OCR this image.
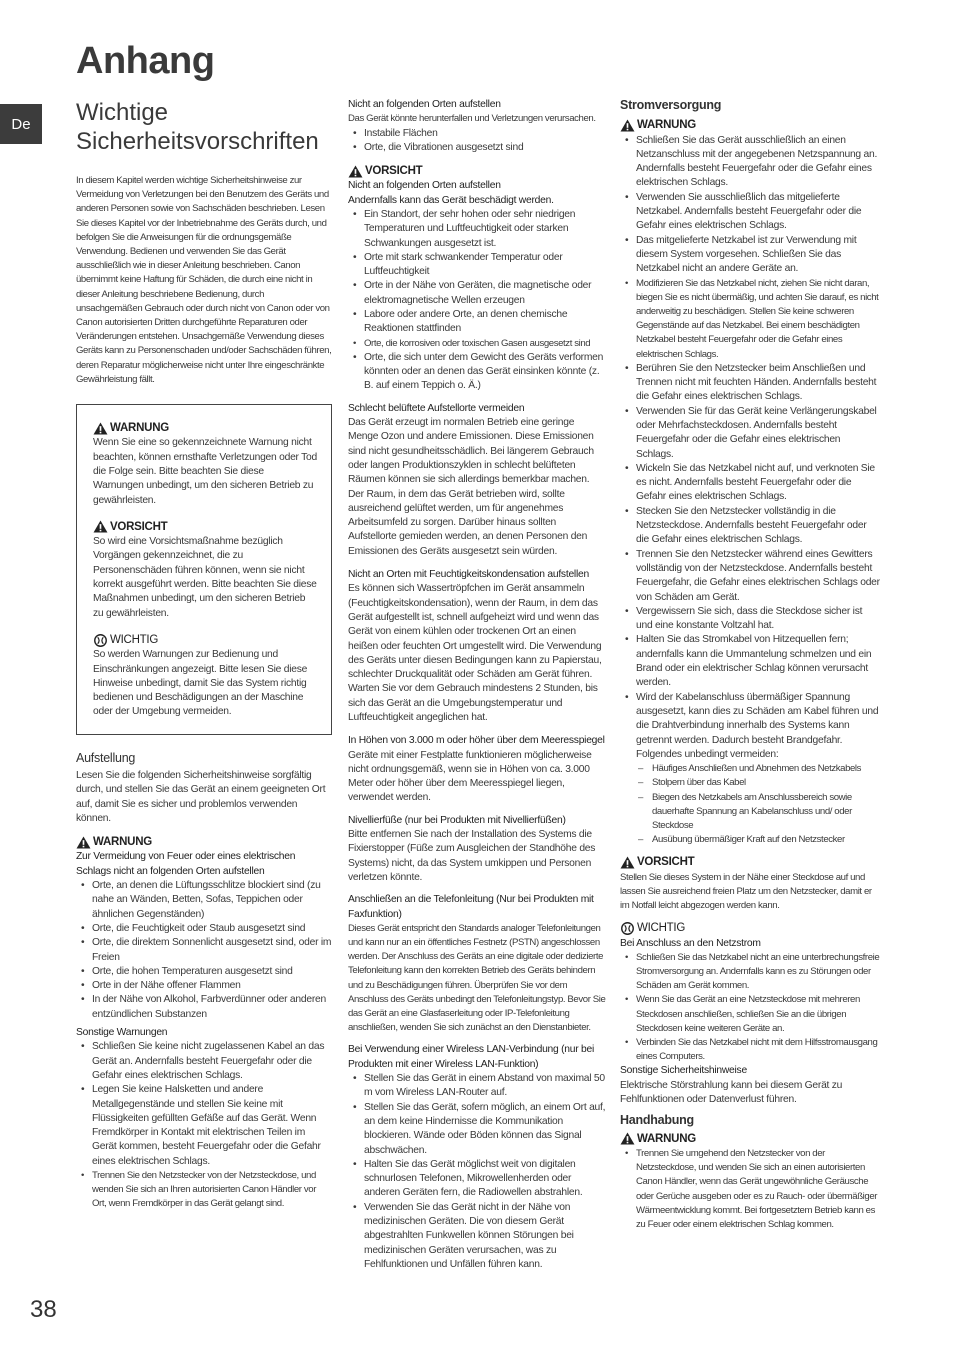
De
Anhang
Wichtige Sicherheitsvorschriften

In diesem Kapitel werden wichtige Sicherheitshinweise zur Vermeidung von Verletzungen bei den Benutzern des Geräts und anderen Personen sowie von Sachschäden beschrieben. Lesen Sie dieses Kapitel vor der Inbetriebnahme des Geräts durch, und befolgen Sie die Anweisungen für die ordnungsgemäße Verwendung. Bedienen und verwenden Sie das Gerät ausschließlich wie in dieser Anleitung beschrieben. Canon übernimmt keine Haftung für Schäden, die durch eine nicht in dieser Anleitung beschriebene Bedienung, durch unsachgemäßen Gebrauch oder durch nicht von Canon oder von Canon autorisierten Dritten durchgeführte Reparaturen oder Veränderungen entstehen. Unsachgemäße Verwendung dieses Geräts kann zu Personenschaden und/oder Sachschäden führen, deren Reparatur möglicherweise nicht unter Ihre eingeschränkte Gewährleistung fällt.

WARNUNG

Wenn Sie eine so gekennzeichnete Warnung nicht beachten, können ernsthafte Verletzungen oder Tod die Folge sein. Bitte beachten Sie diese Warnungen unbedingt, um den sicheren Betrieb zu gewährleisten.

VORSICHT

So wird eine Vorsichtsmaßnahme bezüglich Vorgängen gekennzeichnet, die zu Personenschäden führen können, wenn sie nicht korrekt ausgeführt werden. Bitte beachten Sie diese Maßnahmen unbedingt, um den sicheren Betrieb zu gewährleisten.

WICHTIG

So werden Warnungen zur Bedienung und Einschränkungen angezeigt. Bitte lesen Sie diese Hinweise unbedingt, damit Sie das System richtig bedienen und Beschädigungen an der Maschine oder der Umgebung vermeiden.

Aufstellung

Lesen Sie die folgenden Sicherheitshinweise sorgfältig durch, und stellen Sie das Gerät an einem geeigneten Ort auf, damit Sie es sicher und problemlos verwenden können.

WARNUNG

Zur Vermeidung von Feuer oder eines elektrischen Schlags nicht an folgenden Orten aufstellen

• Orte, an denen die Lüftungsschlitze blockiert sind (zu nahe an Wänden, Betten, Sofas, Teppichen oder ähnlichen Gegenständen)
• Orte, die Feuchtigkeit oder Staub ausgesetzt sind
• Orte, die direktem Sonnenlicht ausgesetzt sind, oder im Freien
• Orte, die hohen Temperaturen ausgesetzt sind
• Orte in der Nähe offener Flammen
• In der Nähe von Alkohol, Farbverdünner oder anderen entzündlichen Substanzen

Sonstige Warnungen

• Schließen Sie keine nicht zugelassenen Kabel an das Gerät an. Andernfalls besteht Feuergefahr oder die Gefahr eines elektrischen Schlags.
• Legen Sie keine Halsketten und andere Metallgegenstände und stellen Sie keine mit Flüssigkeiten gefüllten Gefäße auf das Gerät. Wenn Fremdkörper in Kontakt mit elektrischen Teilen im Gerät kommen, besteht Feuergefahr oder die Gefahr eines elektrischen Schlags.
• Trennen Sie den Netzstecker von der Netzsteckdose, und wenden Sie sich an Ihren autorisierten Canon Händler vor Ort, wenn Fremdkörper in das Gerät gelangt sind.

Nicht an folgenden Orten aufstellen

Das Gerät könnte herunterfallen und Verletzungen verursachen.

• Instabile Flächen
• Orte, die Vibrationen ausgesetzt sind
VORSICHT

Nicht an folgenden Orten aufstellen

Andernfalls kann das Gerät beschädigt werden.

• Ein Standort, der sehr hohen oder sehr niedrigen Temperaturen und Luftfeuchtigkeit oder starken Schwankungen ausgesetzt ist.
• Orte mit stark schwankender Temperatur oder Luftfeuchtigkeit
• Orte in der Nähe von Geräten, die magnetische oder elektromagnetische Wellen erzeugen
• Labore oder andere Orte, an denen chemische Reaktionen stattfinden
• Orte, die korrosiven oder toxischen Gasen ausgesetzt sind
• Orte, die sich unter dem Gewicht des Geräts verformen könnten oder an denen das Gerät einsinken könnte (z. B. auf einem Teppich o. Ä.)

Schlecht belüftete Aufstellorte vermeiden

Das Gerät erzeugt im normalen Betrieb eine geringe Menge Ozon und andere Emissionen. Diese Emissionen sind nicht gesundheitsschädlich. Bei längerem Gebrauch oder langen Produktionszyklen in schlecht belüfteten Räumen können sie sich allerdings bemerkbar machen. Der Raum, in dem das Gerät betrieben wird, sollte ausreichend gelüftet werden, um für angenehmes Arbeitsumfeld zu sorgen. Darüber hinaus sollten Aufstellorte gemieden werden, an denen Personen den Emissionen des Geräts ausgesetzt sein würden.

Nicht an Orten mit Feuchtigkeitskondensation aufstellen

Es können sich Wassertröpfchen im Gerät ansammeln (Feuchtigkeitskondensation), wenn der Raum, in dem das Gerät aufgestellt ist, schnell aufgeheizt wird und wenn das Gerät von einem kühlen oder trockenen Ort an einen heißen oder feuchten Ort umgestellt wird. Die Verwendung des Geräts unter diesen Bedingungen kann zu Papierstau, schlechter Druckqualität oder Schäden am Gerät führen. Warten Sie vor dem Gebrauch mindestens 2 Stunden, bis sich das Gerät an die Umgebungstemperatur und Luftfeuchtigkeit angeglichen hat.

In Höhen von 3.000 m oder höher über dem Meeresspiegel

Geräte mit einer Festplatte funktionieren möglicherweise nicht ordnungsgemäß, wenn sie in Höhen von ca. 3.000 Meter oder höher über dem Meeresspiegel liegen, verwendet werden.

Nivellierfüße (nur bei Produkten mit Nivellierfüßen)

Bitte entfernen Sie nach der Installation des Systems die Fixierstopper (Füße zum Ausgleichen der Standhöhe des Systems) nicht, da das System umkippen und Personen verletzen könnte.

Anschließen an die Telefonleitung (Nur bei Produkten mit Faxfunktion)

Dieses Gerät entspricht den Standards analoger Telefonleitungen und kann nur an ein öffentliches Festnetz (PSTN) angeschlossen werden. Der Anschluss des Geräts an eine digitale oder dedizierte Telefonleitung kann den korrekten Betrieb des Geräts behindern und zu Beschädigungen führen. Überprüfen Sie vor dem Anschluss des Geräts unbedingt den Telefonleitungstyp. Bevor Sie das Gerät an eine Glasfaserleitung oder IP-Telefonleitung anschließen, wenden Sie sich zunächst an den Dienstanbieter.

Bei Verwendung einer Wireless LAN-Verbindung (nur bei Produkten mit einer Wireless LAN-Funktion)

• Stellen Sie das Gerät in einem Abstand von maximal 50 m vom Wireless LAN-Router auf.
• Stellen Sie das Gerät, sofern möglich, an einem Ort auf, an dem keine Hindernisse die Kommunikation blockieren. Wände oder Böden können das Signal abschwächen.
• Halten Sie das Gerät möglichst weit von digitalen schnurlosen Telefonen, Mikrowellenherden oder anderen Geräten fern, die Radiowellen abstrahlen.
• Verwenden Sie das Gerät nicht in der Nähe von medizinischen Geräten. Die von diesem Gerät abgestrahlten Funkwellen können Störungen bei medizinischen Geräten verursachen, was zu Fehlfunktionen und Unfällen führen kann.
Stromversorgung
WARNUNG
• Schließen Sie das Gerät ausschließlich an einen Netzanschluss mit der angegebenen Netzspannung an. Andernfalls besteht Feuergefahr oder die Gefahr eines elektrischen Schlags.
• Verwenden Sie ausschließlich das mitgelieferte Netzkabel. Andernfalls besteht Feuergefahr oder die Gefahr eines elektrischen Schlags.
• Das mitgelieferte Netzkabel ist zur Verwendung mit diesem System vorgesehen. Schließen Sie das Netzkabel nicht an andere Geräte an.
• Modifizieren Sie das Netzkabel nicht, ziehen Sie nicht daran, biegen Sie es nicht übermäßig, und achten Sie darauf, es nicht anderweitig zu beschädigen. Stellen Sie keine schweren Gegenstände auf das Netzkabel. Bei einem beschädigten Netzkabel besteht Feuergefahr oder die Gefahr eines elektrischen Schlags.
• Berühren Sie den Netzstecker beim Anschließen und Trennen nicht mit feuchten Händen. Andernfalls besteht die Gefahr eines elektrischen Schlags.
• Verwenden Sie für das Gerät keine Verlängerungskabel oder Mehrfachsteckdosen. Andernfalls besteht Feuergefahr oder die Gefahr eines elektrischen Schlags.
• Wickeln Sie das Netzkabel nicht auf, und verknoten Sie es nicht. Andernfalls besteht Feuergefahr oder die Gefahr eines elektrischen Schlags.
• Stecken Sie den Netzstecker vollständig in die Netzsteckdose. Andernfalls besteht Feuergefahr oder die Gefahr eines elektrischen Schlags.
• Trennen Sie den Netzstecker während eines Gewitters vollständig von der Netzsteckdose. Andernfalls besteht Feuergefahr, die Gefahr eines elektrischen Schlags oder von Schäden am Gerät.
• Vergewissern Sie sich, dass die Steckdose sicher ist und eine konstante Voltzahl hat.
• Halten Sie das Stromkabel von Hitzequellen fern; andernfalls kann die Ummantelung schmelzen und ein Brand oder ein elektrischer Schlag können verursacht werden.
• Wird der Kabelanschluss übermäßiger Spannung ausgesetzt, kann dies zu Schäden am Kabel führen und die Drahtverbindung innerhalb des Systems kann getrennt werden. Dadurch besteht Brandgefahr. Folgendes unbedingt vermeiden:
– Häufiges Anschließen und Abnehmen des Netzkabels
– Stolpern über das Kabel
– Biegen des Netzkabels am Anschlussbereich sowie dauerhafte Spannung an Kabelanschluss und/ oder Steckdose
– Ausübung übermäßiger Kraft auf den Netzstecker
VORSICHT

Stellen Sie dieses System in der Nähe einer Steckdose auf und lassen Sie ausreichend freien Platz um den Netzstecker, damit er im Notfall leicht abgezogen werden kann.

WICHTIG

Bei Anschluss an den Netzstrom

• Schließen Sie das Netzkabel nicht an eine unterbrechungsfreie Stromversorgung an. Andernfalls kann es zu Störungen oder Schäden am Gerät kommen.
• Wenn Sie das Gerät an eine Netzsteckdose mit mehreren Steckdosen anschließen, schließen Sie an die übrigen Steckdosen keine weiteren Geräte an.
• Verbinden Sie das Netzkabel nicht mit dem Hilfsstromausgang eines Computers.

Sonstige Sicherheitshinweise

Elektrische Störstrahlung kann bei diesem Gerät zu Fehlfunktionen oder Datenverlust führen.

Handhabung
WARNUNG
• Trennen Sie umgehend den Netzstecker von der Netzsteckdose, und wenden Sie sich an einen autorisierten Canon Händler, wenn das Gerät ungewöhnliche Geräusche oder Gerüche ausgeben oder es zu Rauch- oder übermäßiger Wärmeentwicklung kommt. Bei fortgesetztem Betrieb kann es zu Feuer oder einem elektrischen Schlag kommen.
38
